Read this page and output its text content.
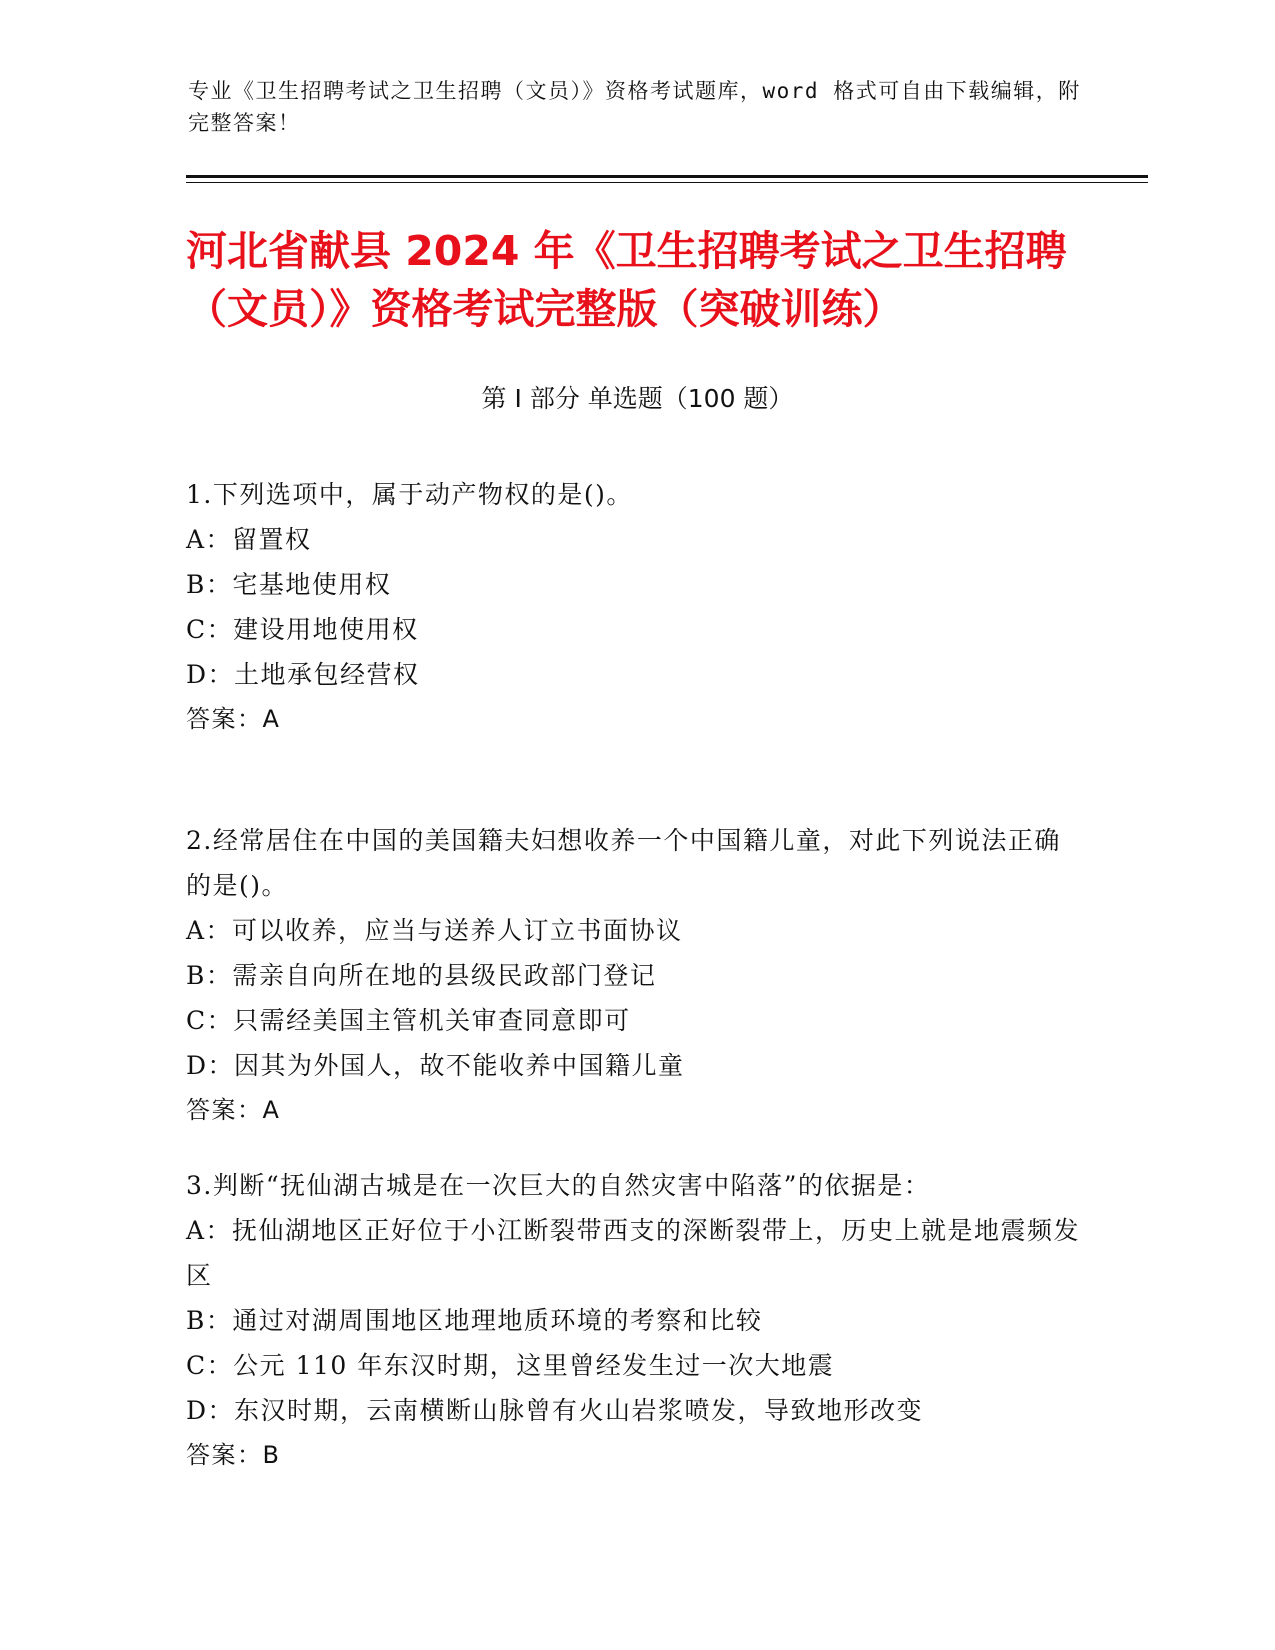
专业《卫生招聘考试之卫生招聘（文员）》资格考试题库，word 格式可自由下载编辑，附完整答案！
河北省献县 2024 年《卫生招聘考试之卫生招聘（文员）》资格考试完整版（突破训练）
第 I 部分 单选题（100 题）
1.下列选项中，属于动产物权的是()。
A：留置权
B：宅基地使用权
C：建设用地使用权
D：土地承包经营权
答案：A
2.经常居住在中国的美国籍夫妇想收养一个中国籍儿童，对此下列说法正确的是()。
A：可以收养，应当与送养人订立书面协议
B：需亲自向所在地的县级民政部门登记
C：只需经美国主管机关审查同意即可
D：因其为外国人，故不能收养中国籍儿童
答案：A
3.判断“抚仙湖古城是在一次巨大的自然灾害中陷落”的依据是：
A：抚仙湖地区正好位于小江断裂带西支的深断裂带上，历史上就是地震频发区
B：通过对湖周围地区地理地质环境的考察和比较
C：公元 110 年东汉时期，这里曾经发生过一次大地震
D：东汉时期，云南横断山脉曾有火山岩浆喷发，导致地形改变
答案：B
